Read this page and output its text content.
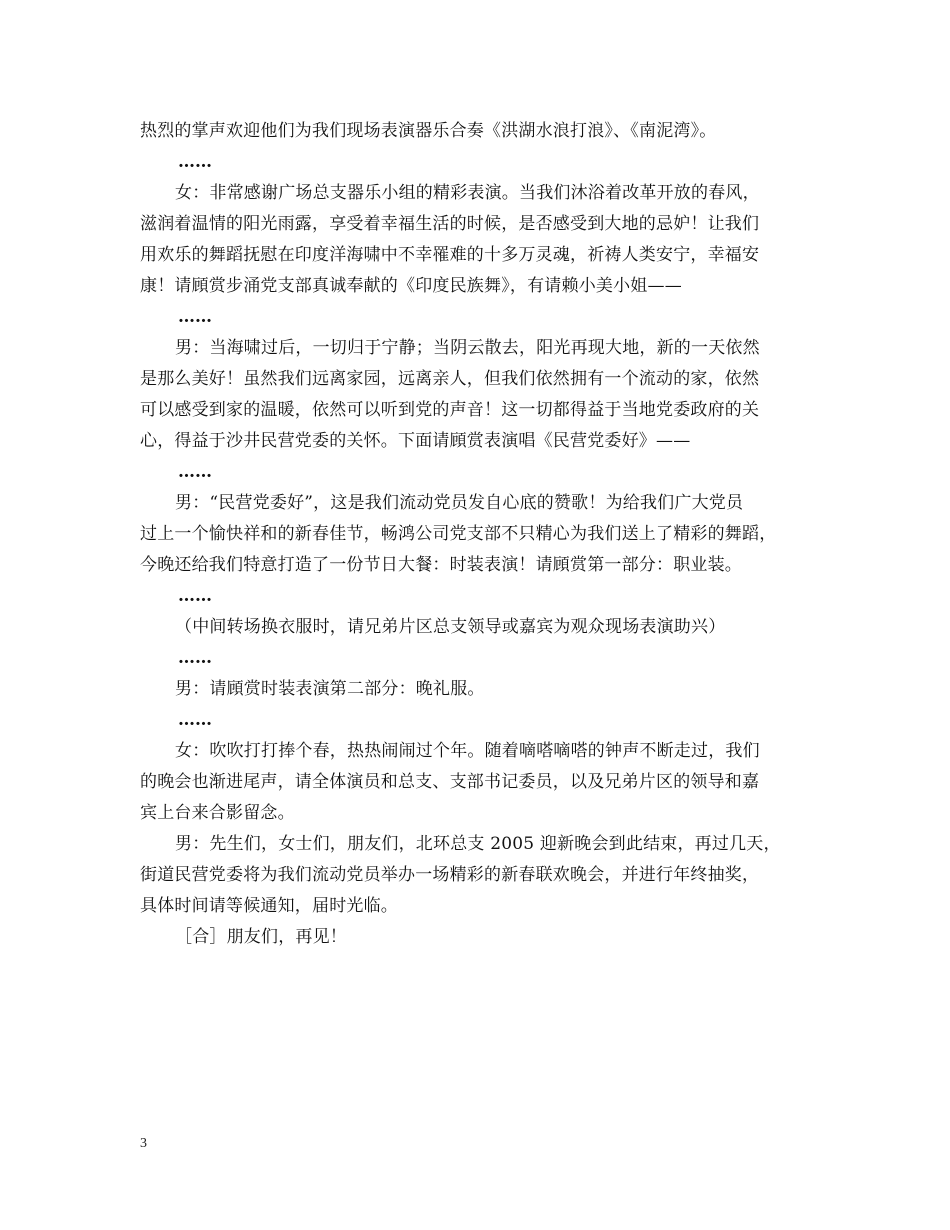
热烈的掌声欢迎他们为我们现场表演器乐合奏《洪湖水浪打浪》、《南泥湾》。
……
女：非常感谢广场总支器乐小组的精彩表演。当我们沐浴着改革开放的春风，
滋润着温情的阳光雨露，享受着幸福生活的时候，是否感受到大地的忌妒！让我们
用欢乐的舞蹈抚慰在印度洋海啸中不幸罹难的十多万灵魂，祈祷人类安宁，幸福安
康！请頋赏步涌党支部真诚奉献的《印度民族舞》，有请赖小美小姐——
……
男：当海啸过后，一切归于宁静；当阴云散去，阳光再现大地，新的一天依然
是那么美好！虽然我们远离家园，远离亲人，但我们依然拥有一个流动的家，依然
可以感受到家的温暖，依然可以听到党的声音！这一切都得益于当地党委政府的关
心，得益于沙井民营党委的关怀。下面请頋赏表演唱《民营党委好》——
……
男：“民营党委好”，这是我们流动党员发自心底的赞歌！为给我们广大党员
过上一个愉快祥和的新春佳节，畅鸿公司党支部不只精心为我们送上了精彩的舞蹈，
今晚还给我们特意打造了一份节日大餐：时装表演！请頋赏第一部分：职业装。
……
（中间转场换衣服时，请兄弟片区总支领导或嘉宾为观众现场表演助兴）
……
男：请頋赏时装表演第二部分：晚礼服。
……
女：吹吹打打捧个春，热热闹闹过个年。随着嘀嗒嘀嗒的钟声不断走过，我们
的晚会也渐进尾声，请全体演员和总支、支部书记委员，以及兄弟片区的领导和嘉
宾上台来合影留念。
男：先生们，女士们，朋友们，北环总支 2005 迎新晚会到此结束，再过几天，
街道民营党委将为我们流动党员举办一场精彩的新春联欢晚会，并进行年终抽奖，
具体时间请等候通知，届时光临。
［合］朋友们，再见！
3
